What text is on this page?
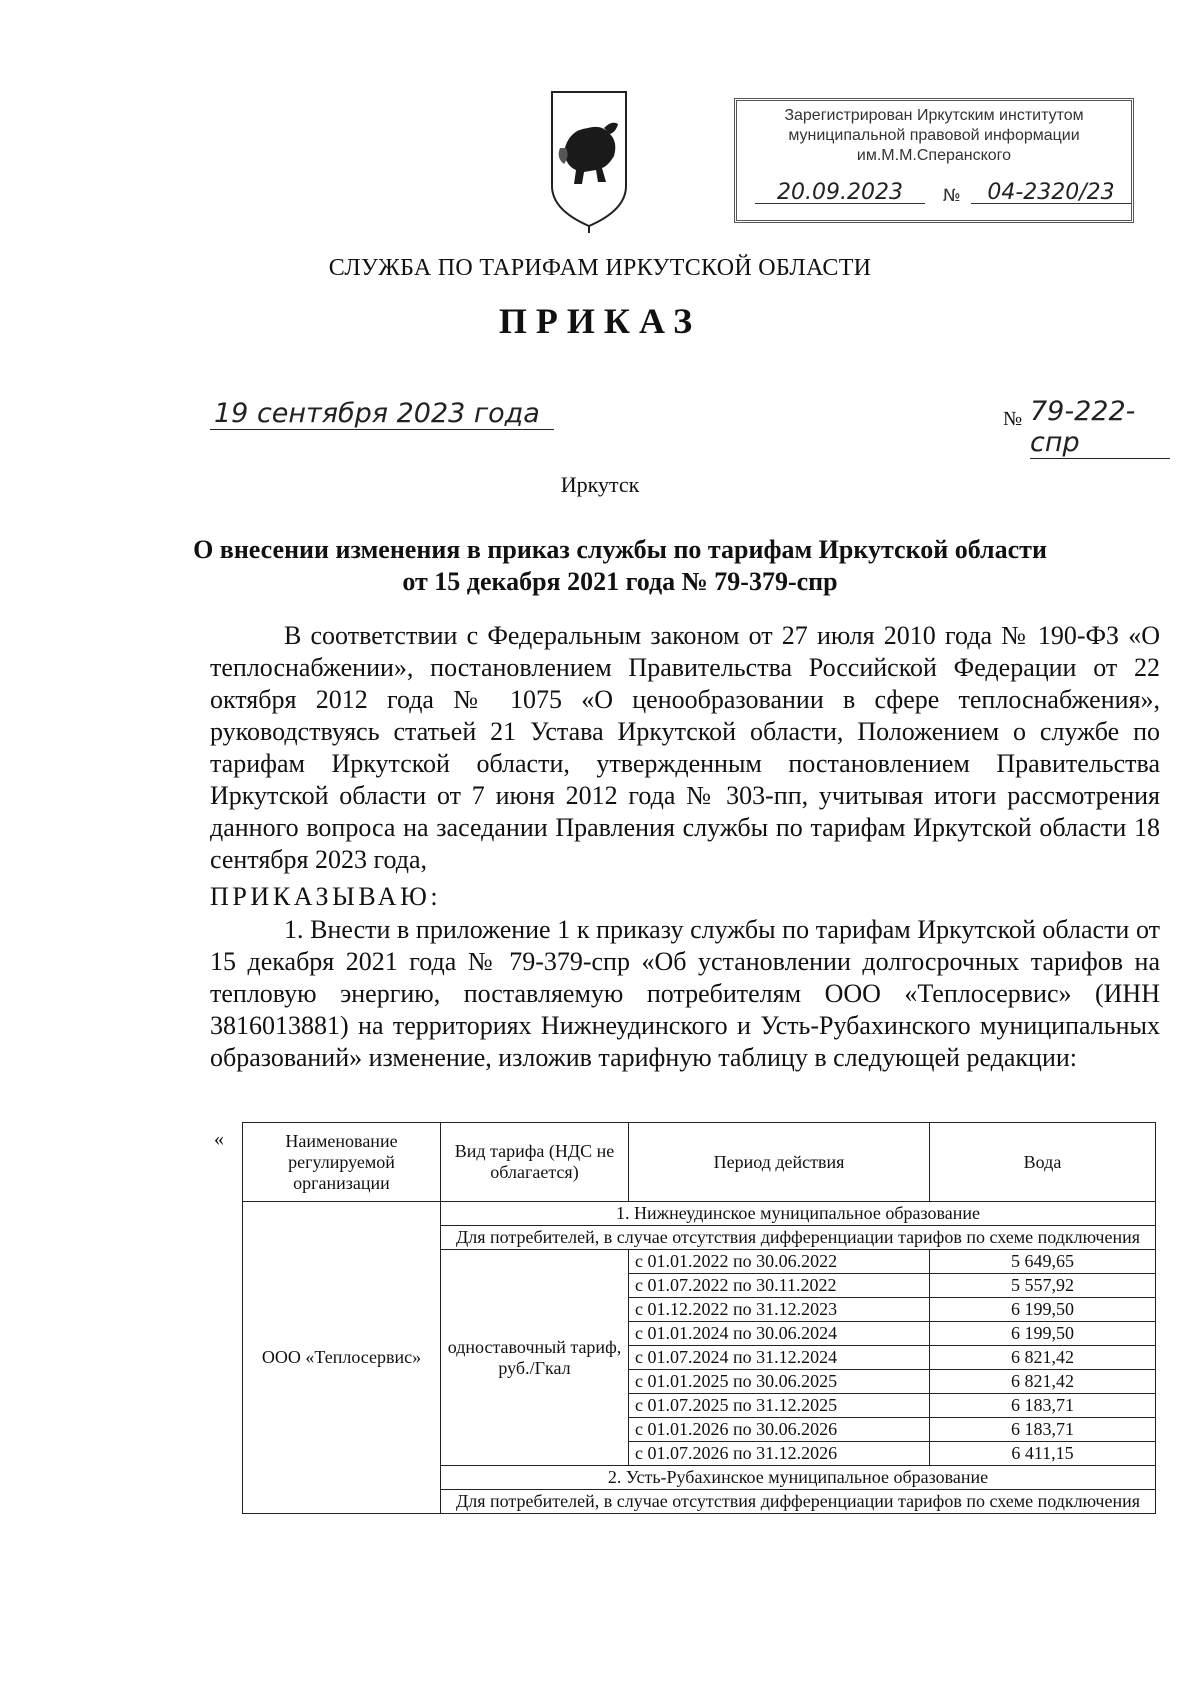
Зарегистрирован Иркутским институтом
муниципальной правовой информации
им.М.М.Сперанского
20.09.2023	№	04-2320/23
СЛУЖБА ПО ТАРИФАМ ИРКУТСКОЙ ОБЛАСТИ
ПРИКАЗ
19 сентября 2023 года	№ 79-222-спр
Иркутск
О внесении изменения в приказ службы по тарифам Иркутской области
от 15 декабря 2021 года № 79-379-спр
В соответствии с Федеральным законом от 27 июля 2010 года № 190-ФЗ «О теплоснабжении», постановлением Правительства Российской Федерации от 22 октября 2012 года № 1075 «О ценообразовании в сфере теплоснабжения», руководствуясь статьей 21 Устава Иркутской области, Положением о службе по тарифам Иркутской области, утвержденным постановлением Правительства Иркутской области от 7 июня 2012 года № 303-пп, учитывая итоги рассмотрения данного вопроса на заседании Правления службы по тарифам Иркутской области 18 сентября 2023 года,
ПРИКАЗЫВАЮ:
1. Внести в приложение 1 к приказу службы по тарифам Иркутской области от 15 декабря 2021 года № 79-379-спр «Об установлении долгосрочных тарифов на тепловую энергию, поставляемую потребителям ООО «Теплосервис» (ИНН 3816013881) на территориях Нижнеудинского и Усть-Рубахинского муниципальных образований» изменение, изложив тарифную таблицу в следующей редакции:
«	Наименование регулируемой организации	Вид тарифа (НДС не облагается)	Период действия	Вода
ООО «Теплосервис»	1. Нижнеудинское муниципальное образование		
	Для потребителей, в случае отсутствия дифференциации тарифов по схеме подключения		
	одноставочный тариф, руб./Гкал	с 01.01.2022 по 30.06.2022	5 649,65
		с 01.07.2022 по 30.11.2022	5 557,92
		с 01.12.2022 по 31.12.2023	6 199,50
		с 01.01.2024 по 30.06.2024	6 199,50
		с 01.07.2024 по 31.12.2024	6 821,42
		с 01.01.2025 по 30.06.2025	6 821,42
		с 01.07.2025 по 31.12.2025	6 183,71
		с 01.01.2026 по 30.06.2026	6 183,71
		с 01.07.2026 по 31.12.2026	6 411,15
	2. Усть-Рубахинское муниципальное образование		
	Для потребителей, в случае отсутствия дифференциации тарифов по схеме подключения		
